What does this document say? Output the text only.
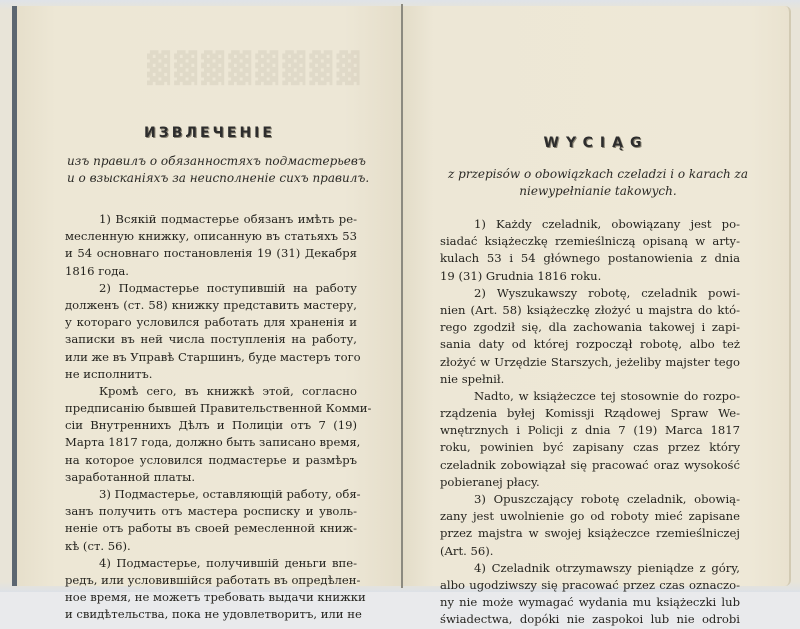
▓▓▓▓▓▓▓▓
ИЗВЛЕЧЕНІЕ
изъ правилъ о обязанностяхъ подмастерьевъ
и о взысканіяхъ за неисполненіе сихъ правилъ.
1) Всякій подмастерье обязанъ имѣть ре-
месленную книжку, описанную въ статьяхъ 53
и 54 основнаго постановленія 19 (31) Декабря
1816 года.
2) Подмастерье поступившій на работу
долженъ (ст. 58) книжку представить мастеру,
у котораго условился работать для храненія и
записки въ ней числа поступленія на работу,
или же въ Управѣ Старшинъ, буде мастеръ того
не исполнитъ.
Кромѣ сего, въ книжкѣ этой, согласно
предписанію бывшей Правительственной Комми-
сіи Внутреннихъ Дѣлъ и Полиціи отъ 7 (19)
Марта 1817 года, должно быть записано время,
на которое условился подмастерье и размѣръ
заработанной платы.
3) Подмастерье, оставляющій работу, обя-
занъ получить отъ мастера росписку и уволь-
неніе отъ работы въ своей ремесленной книж-
кѣ (ст. 56).
4) Подмастерье, получившій деньги впе-
редъ, или условившійся работать въ опредѣлен-
ное время, не можетъ требовать выдачи книжки
и свидѣтельства, пока не удовлетворитъ, или не
WYCIĄG
z przepisów o obowiązkach czeladzi i o karach za
niewypełnianie takowych.
1) Każdy czeladnik, obowiązany jest po-
siadać książeczkę rzemieślniczą opisaną w arty-
kulach 53 i 54 głównego postanowienia z dnia
19 (31) Grudnia 1816 roku.
2) Wyszukawszy robotę, czeladnik powi-
nien (Art. 58) książeczkę złożyć u majstra do któ-
rego zgodził się, dla zachowania takowej i zapi-
sania daty od której rozpoczął robotę, albo też
złożyć w Urzędzie Starszych, jeżeliby majster tego
nie spełnił.
Nadto, w książeczce tej stosownie do rozpo-
rządzenia byłej Komissji Rządowej Spraw We-
wnętrznych i Policji z dnia 7 (19) Marca 1817
roku, powinien być zapisany czas przez który
czeladnik zobowiązał się pracować oraz wysokość
pobieranej płacy.
3) Opuszczający robotę czeladnik, obowią-
zany jest uwolnienie go od roboty mieć zapisane
przez majstra w swojej książeczce rzemieślniczej
(Art. 56).
4) Czeladnik otrzymawszy pieniądze z góry,
albo ugodziwszy się pracować przez czas oznaczo-
ny nie może wymagać wydania mu książeczki lub
świadectwa, dopóki nie zaspokoi lub nie odrobi
